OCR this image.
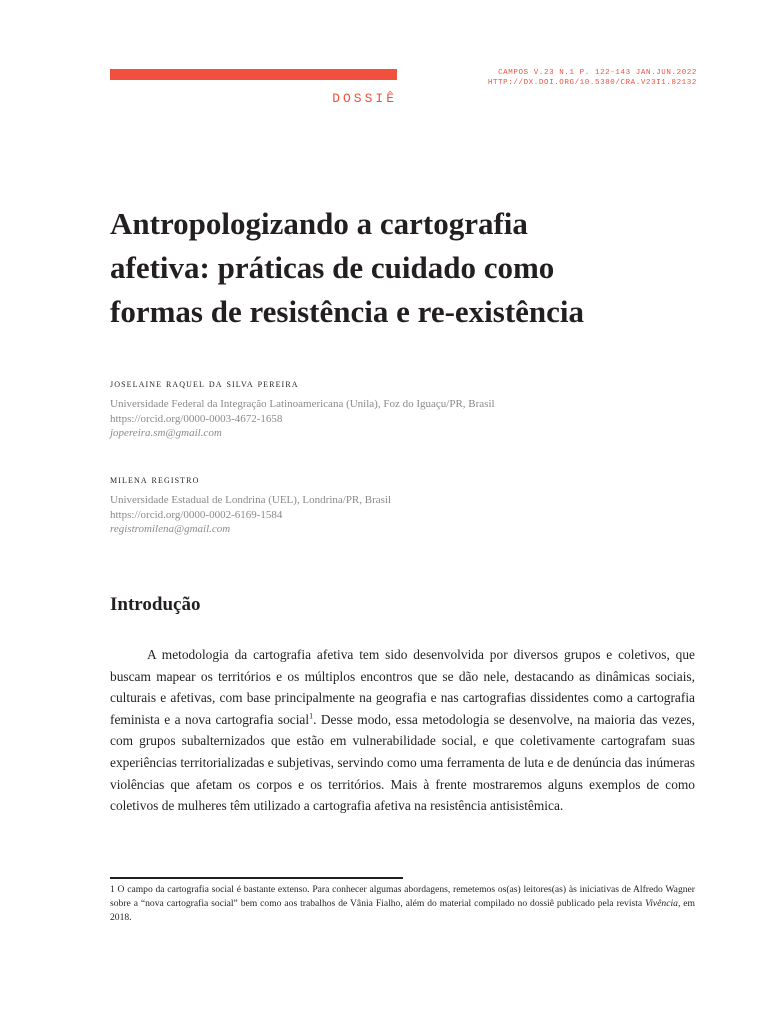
CAMPOS V.23 N.1 P. 122-143 JAN.JUN.2022
HTTP://DX.DOI.ORG/10.5380/CRA.V23I1.82132
DOSSIÊ
Antropologizando a cartografia
afetiva: práticas de cuidado como
formas de resistência e re-existência
joselaine raquel da silva pereira
Universidade Federal da Integração Latinoamericana (Unila), Foz do Iguaçu/PR, Brasil
https://orcid.org/0000-0003-4672-1658
jopereira.sm@gmail.com
milena registro
Universidade Estadual de Londrina (UEL), Londrina/PR, Brasil
https://orcid.org/0000-0002-6169-1584
registromilena@gmail.com
Introdução

A metodologia da cartografia afetiva tem sido desenvolvida por diversos grupos e coletivos, que buscam mapear os territórios e os múltiplos encontros que se dão nele, destacando as dinâmicas sociais, culturais e afetivas, com base principalmente na geografia e nas cartografias dissidentes como a cartografia feminista e a nova cartografia social$^1$. Desse modo, essa metodologia se desenvolve, na maioria das vezes, com grupos subalternizados que estão em vulnerabilidade social, e que coletivamente cartografam suas experiências territorializadas e subjetivas, servindo como uma ferramenta de luta e de denúncia das inúmeras violências que afetam os corpos e os territórios. Mais à frente mostraremos alguns exemplos de como coletivos de mulheres têm utilizado a cartografia afetiva na resistência antisistêmica.

1 O campo da cartografia social é bastante extenso. Para conhecer algumas abordagens, remetemos os(as) leitores(as) às iniciativas de Alfredo Wagner sobre a “nova cartografia social” bem como aos trabalhos de Vânia Fialho, além do material compilado no dossiê publicado pela revista Vivência, em 2018.
